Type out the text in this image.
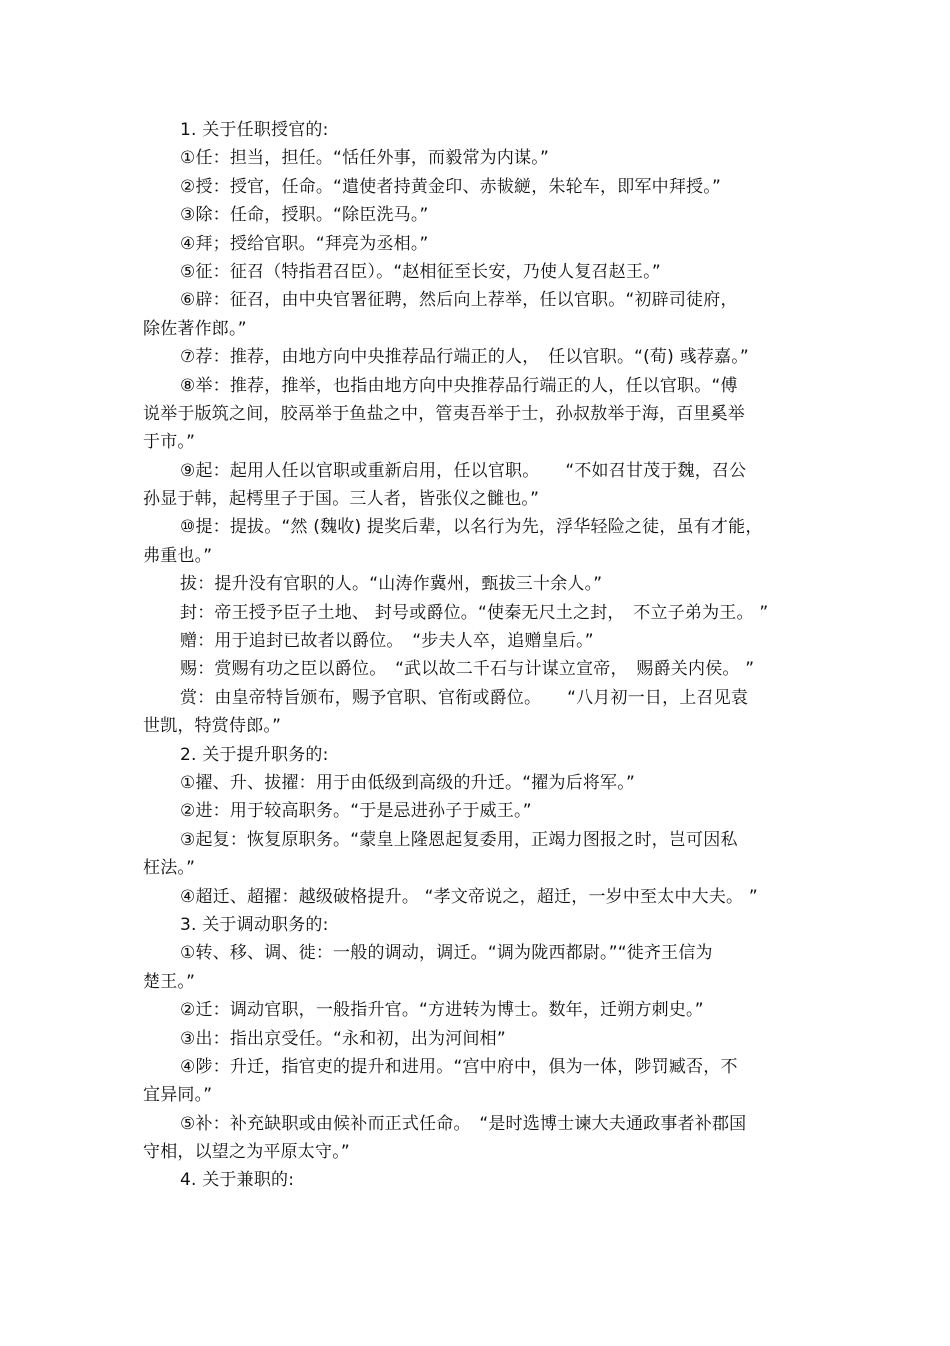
1. 关于任职授官的:
①任：担当，担任。“恬任外事，而毅常为内谋。”
②授：授官，任命。“遣使者持黄金印、赤韨縌，朱轮车，即军中拜授。”
③除：任命，授职。“除臣洗马。”
④拜；授给官职。“拜亮为丞相。”
⑤征：征召（特指君召臣）。“赵相征至长安，乃使人复召赵王。”
⑥辟：征召，由中央官署征聘，然后向上荐举，任以官职。“初辟司徒府，
除佐著作郎。”
⑦荐：推荐，由地方向中央推荐品行端正的人，　任以官职。“(荀) 彧荐嘉。”
⑧举：推荐，推举，也指由地方向中央推荐品行端正的人，任以官职。“傅
说举于版筑之间，胶鬲举于鱼盐之中，管夷吾举于士，孙叔敖举于海，百里奚举
于市。”
⑨起：起用人任以官职或重新启用，任以官职。　　“不如召甘茂于魏，召公
孙显于韩，起樗里子于国。三人者，皆张仪之雠也。”
⑩提：提拔。“然 (魏收) 提奖后辈，以名行为先，浮华轻险之徒，虽有才能，
弗重也。”
拔：提升没有官职的人。“山涛作冀州，甄拔三十余人。”
封：帝王授予臣子土地、 封号或爵位。“使秦无尺土之封，　不立子弟为王。 ”
赠：用于追封已故者以爵位。　“步夫人卒，追赠皇后。”
赐：赏赐有功之臣以爵位。　“武以故二千石与计谋立宣帝，　赐爵关内侯。 ”
赏：由皇帝特旨颁布，赐予官职、官衔或爵位。　　“八月初一日，上召见袁
世凯，特赏侍郎。”
2. 关于提升职务的:
①擢、升、拔擢：用于由低级到高级的升迁。“擢为后将军。”
②进：用于较高职务。“于是忌进孙子于威王。”
③起复：恢复原职务。“蒙皇上隆恩起复委用，正竭力图报之时，岂可因私
枉法。”
④超迁、超擢：越级破格提升。 “孝文帝说之，超迁，一岁中至太中大夫。 ”
3. 关于调动职务的:
①转、移、调、徙：一般的调动，调迁。“调为陇西都尉。”“徙齐王信为
楚王。”
②迁：调动官职，一般指升官。“方进转为博士。数年，迁朔方刺史。”
③出：指出京受任。“永和初，出为河间相”
④陟：升迁，指官吏的提升和进用。“宫中府中，俱为一体，陟罚臧否，不
宜异同。”
⑤补：补充缺职或由候补而正式任命。　“是时选博士谏大夫通政事者补郡国
守相，以望之为平原太守。”
4. 关于兼职的:
